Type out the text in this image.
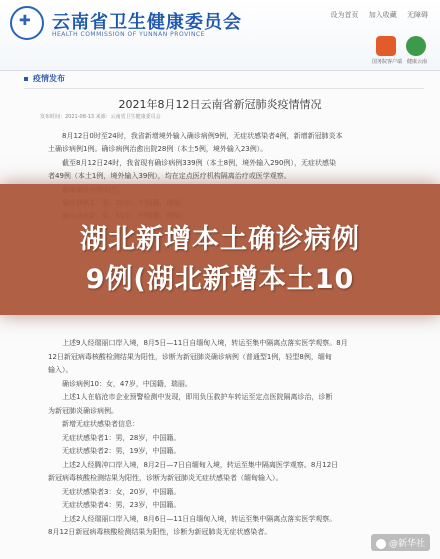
✚
云南省卫生健康委员会
HEALTH COMMISSION OF YUNNAN PROVINCE
设为首页 加入收藏 无障碍
国务院客户端 健康云南
疫情发布
2021年8月12日云南省新冠肺炎疫情情况
发布时间：2021-08-13 来源：云南省卫生健康委员会

8月12日0时至24时，我省新增境外输入确诊病例9例，无症状感染者4例，新增新冠肺炎本

土确诊病例1例。确诊病例治愈出院28例（本土5例，境外输入23例）。

截至8月12日24时，我省现有确诊病例339例（本土8例，境外输入290例），无症状感染

者49例（本土1例，境外输入39例），均在定点医疗机构隔离治疗或医学观察。

上述9人经瑞丽口岸入境，8月5日—11日自缅甸入境，转运至集中隔离点落实医学观察。8月

12日新冠病毒核酸检测结果为阳性，诊断为新冠肺炎确诊病例（普通型1例，轻型8例，缅甸

输入）。

确诊病例10：女，47岁，中国籍，瑞丽。

上述1人在临沧市企业预警检测中发现，即用负压救护车转运至定点医院隔离诊治，诊断

为新冠肺炎确诊病例。

新增无症状感染者信息：

无症状感染者1：男，28岁，中国籍。

无症状感染者2：男，19岁，中国籍。

上述2人经腾冲口岸入境，8月2日—7日自缅甸入境，转运至集中隔离医学观察。8月12日

新冠病毒核酸检测结果为阳性，诊断为新冠肺炎无症状感染者（缅甸输入）。

无症状感染者3：女，20岁，中国籍。

无症状感染者4：男，23岁，中国籍。

上述2人经瑞丽口岸入境，8月6日—11日自缅甸入境，转运至集中隔离点落实医学观察。

8月12日新冠病毒核酸检测结果为阳性，诊断为新冠肺炎无症状感染者。

湖北新增本土确诊病例
9例(湖北新增本土10
@新华社
